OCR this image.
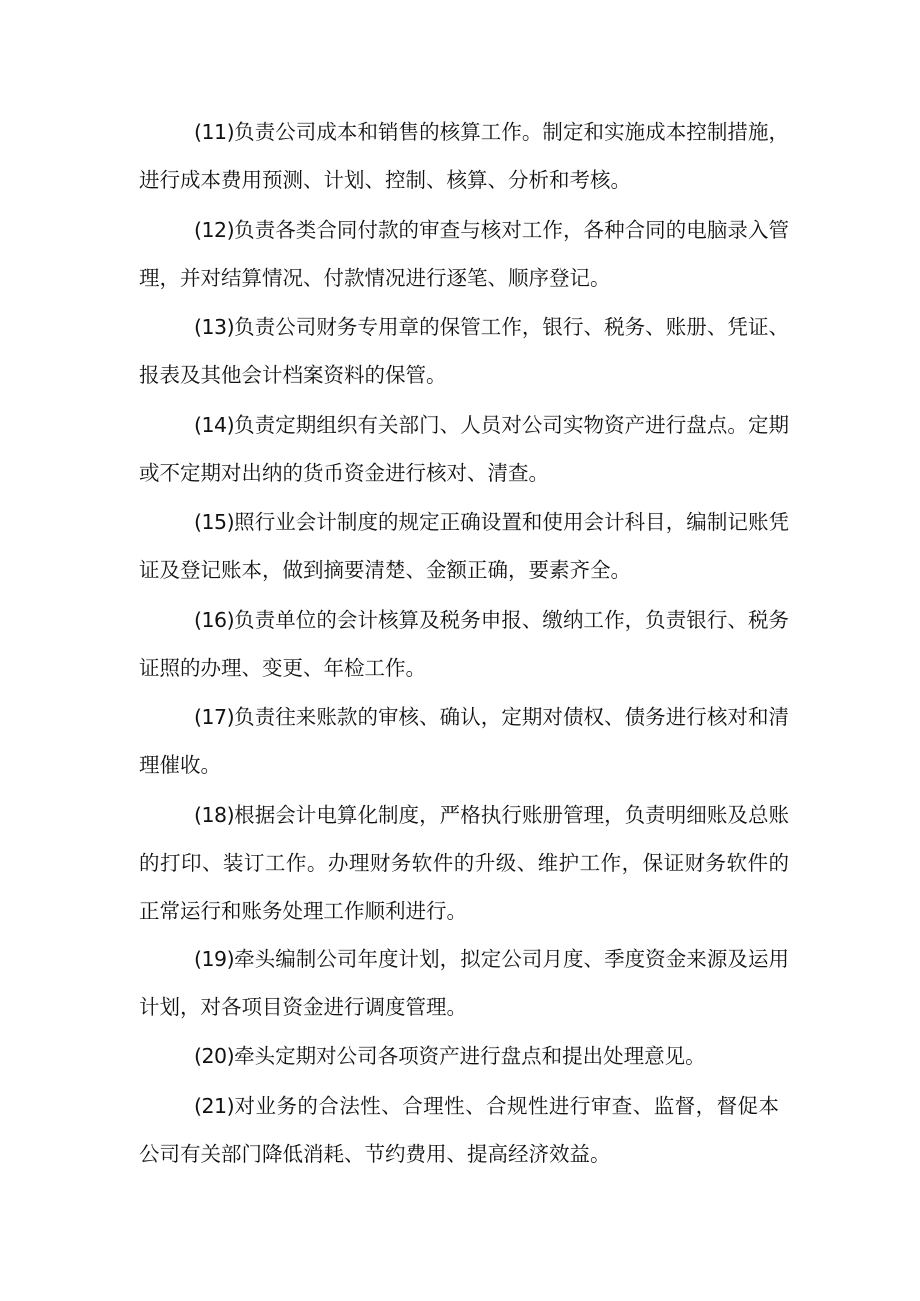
(11)负责公司成本和销售的核算工作。制定和实施成本控制措施，进行成本费用预测、计划、控制、核算、分析和考核。

(12)负责各类合同付款的审查与核对工作，各种合同的电脑录入管理，并对结算情况、付款情况进行逐笔、顺序登记。

(13)负责公司财务专用章的保管工作，银行、税务、账册、凭证、报表及其他会计档案资料的保管。

(14)负责定期组织有关部门、人员对公司实物资产进行盘点。定期或不定期对出纳的货币资金进行核对、清查。

(15)照行业会计制度的规定正确设置和使用会计科目，编制记账凭证及登记账本，做到摘要清楚、金额正确，要素齐全。

(16)负责单位的会计核算及税务申报、缴纳工作，负责银行、税务证照的办理、变更、年检工作。

(17)负责往来账款的审核、确认，定期对债权、债务进行核对和清理催收。

(18)根据会计电算化制度，严格执行账册管理，负责明细账及总账的打印、装订工作。办理财务软件的升级、维护工作，保证财务软件的正常运行和账务处理工作顺利进行。

(19)牵头编制公司年度计划，拟定公司月度、季度资金来源及运用计划，对各项目资金进行调度管理。

(20)牵头定期对公司各项资产进行盘点和提出处理意见。

(21)对业务的合法性、合理性、合规性进行审查、监督，督促本公司有关部门降低消耗、节约费用、提高经济效益。
